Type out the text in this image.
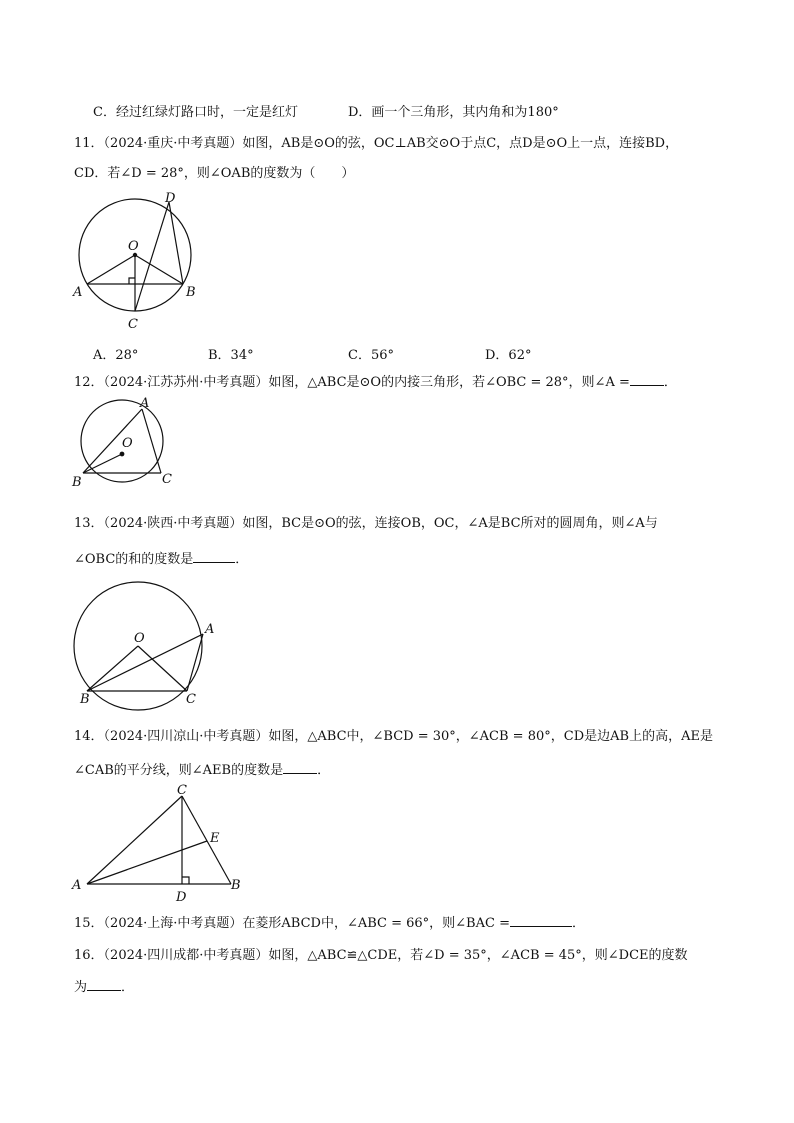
C．经过红绿灯路口时，一定是红灯	D．画一个三角形，其内角和为180°
11．（2024·重庆·中考真题）如图，AB是⊙O的弦，OC⊥AB交⊙O于点C，点D是⊙O上一点，连接BD，
CD．若∠D = 28°，则∠OAB的度数为（　　）
O
A	B
C
D
A．28°	B．34°	C．56°	D．62°
12．（2024·江苏苏州·中考真题）如图，△ABC是⊙O的内接三角形，若∠OBC = 28°，则∠A =	．
A
B	C
O
13．（2024·陕西·中考真题）如图，BC是⊙O的弦，连接OB，OC，∠A是BC所对的圆周角，则∠A与
∠OBC的和的度数是	．
O
A
B	C
14．（2024·四川凉山·中考真题）如图，△ABC中，∠BCD = 30°，∠ACB = 80°，CD是边AB上的高，AE是
∠CAB的平分线，则∠AEB的度数是	．
C
E
A
D
B
15．（2024·上海·中考真题）在菱形ABCD中，∠ABC = 66°，则∠BAC =	．
16．（2024·四川成都·中考真题）如图，△ABC≌△CDE，若∠D = 35°，∠ACB = 45°，则∠DCE的度数
为	．
